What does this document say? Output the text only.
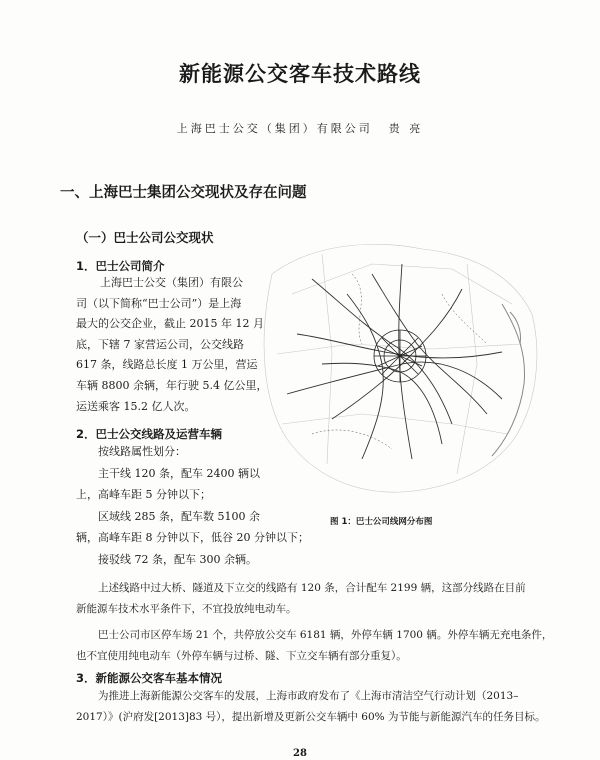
新能源公交客车技术路线
上海巴士公交（集团）有限公司 贵 亮
一、上海巴士集团公交现状及存在问题
（一）巴士公司公交现状
1．巴士公司简介
上海巴士公交（集团）有限公
司（以下简称“巴士公司”）是上海
最大的公交企业，截止 2015 年 12 月
底，下辖 7 家营运公司，公交线路
617 条，线路总长度 1 万公里，营运
车辆 8800 余辆，年行驶 5.4 亿公里，
运送乘客 15.2 亿人次。
2．巴士公交线路及运营车辆
按线路属性划分：
主干线 120 条，配车 2400 辆以
上，高峰车距 5 分钟以下；
区域线 285 条，配车数 5100 余
辆，高峰车距 8 分钟以下，低谷 20 分钟以下；
接驳线 72 条，配车 300 余辆。
上述线路中过大桥、隧道及下立交的线路有 120 条，合计配车 2199 辆，这部分线路在目前
新能源车技术水平条件下，不宜投放纯电动车。
巴士公司市区停车场 21 个，共停放公交车 6181 辆，外停车辆 1700 辆。外停车辆无充电条件，
也不宜使用纯电动车（外停车辆与过桥、隧、下立交车辆有部分重复）。
3．新能源公交客车基本情况
为推进上海新能源公交客车的发展，上海市政府发布了《上海市清洁空气行动计划（2013–
2017）》(沪府发[2013]83 号），提出新增及更新公交车辆中 60% 为节能与新能源汽车的任务目标。
图 1：巴士公司线网分布图
28
